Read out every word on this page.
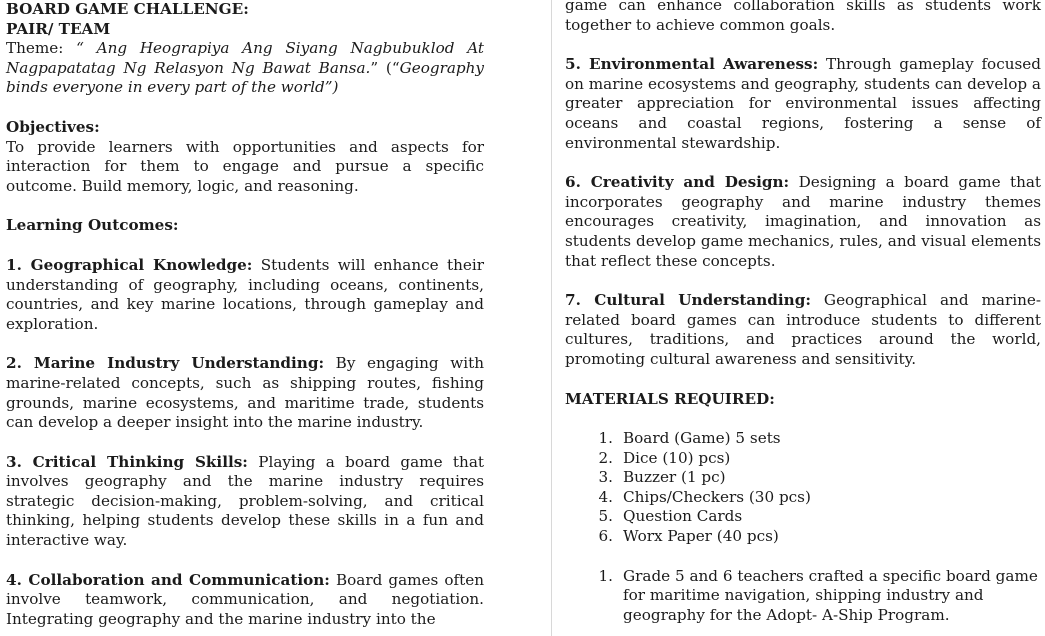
BOARD GAME CHALLENGE:

PAIR/ TEAM

Theme: “ Ang Heograpiya Ang Siyang Nagbubuklod At Nagpapatatag Ng Relasyon Ng Bawat Bansa.” (“Geography binds everyone in every part of the world”)

Objectives:

To provide learners with opportunities and aspects for interaction for them to engage and pursue a specific outcome. Build memory, logic, and reasoning.

Learning Outcomes:

1. Geographical Knowledge: Students will enhance their understanding of geography, including oceans, continents, countries, and key marine locations, through gameplay and exploration.

2. Marine Industry Understanding: By engaging with marine-related concepts, such as shipping routes, fishing grounds, marine ecosystems, and maritime trade, students can develop a deeper insight into the marine industry.

3. Critical Thinking Skills: Playing a board game that involves geography and the marine industry requires strategic decision-making, problem-solving, and critical thinking, helping students develop these skills in a fun and interactive way.

4. Collaboration and Communication: Board games often involve teamwork, communication, and negotiation. Integrating geography and the marine industry into the

game can enhance collaboration skills as students work together to achieve common goals.

5. Environmental Awareness: Through gameplay focused on marine ecosystems and geography, students can develop a greater appreciation for environmental issues affecting oceans and coastal regions, fostering a sense of environmental stewardship.

6. Creativity and Design: Designing a board game that incorporates geography and marine industry themes encourages creativity, imagination, and innovation as students develop game mechanics, rules, and visual elements that reflect these concepts.

7. Cultural Understanding: Geographical and marine-related board games can introduce students to different cultures, traditions, and practices around the world, promoting cultural awareness and sensitivity.

MATERIALS REQUIRED:

1. Board (Game) 5 sets
2. Dice (10) pcs)
3. Buzzer (1 pc)
4. Chips/Checkers (30 pcs)
5. Question Cards
6. Worx Paper (40 pcs)
1. Grade 5 and 6 teachers crafted a specific board game for maritime navigation, shipping industry and geography for the Adopt- A-Ship Program.
